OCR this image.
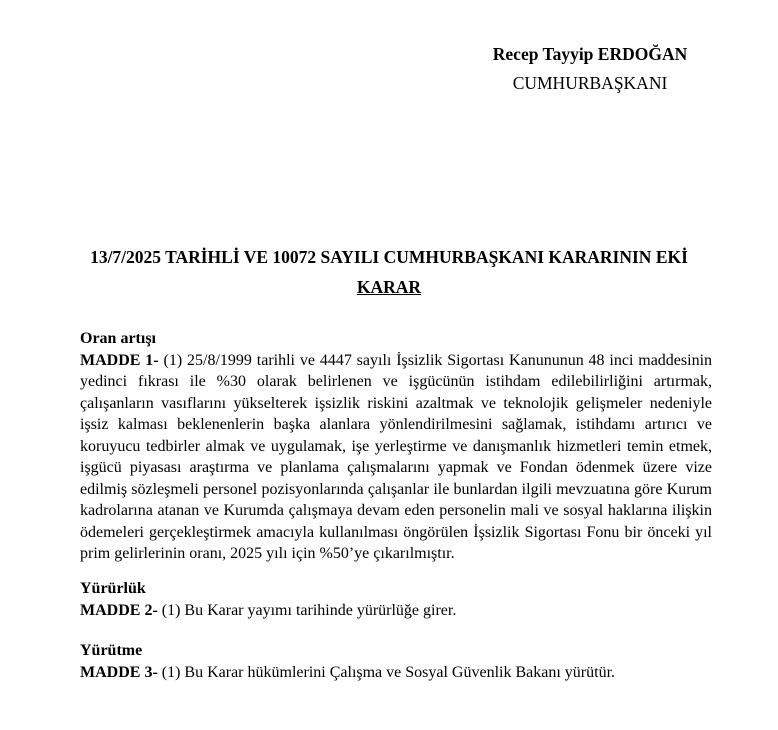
Recep Tayyip ERDOĞAN
CUMHURBAŞKANI
13/7/2025 TARİHLİ VE 10072 SAYILI CUMHURBAŞKANI KARARININ EKİ
KARAR
Oran artışı
MADDE 1- (1) 25/8/1999 tarihli ve 4447 sayılı İşsizlik Sigortası Kanununun 48 inci maddesinin yedinci fıkrası ile %30 olarak belirlenen ve işgücünün istihdam edilebilirliğini artırmak, çalışanların vasıflarını yükselterek işsizlik riskini azaltmak ve teknolojik gelişmeler nedeniyle işsiz kalması beklenenlerin başka alanlara yönlendirilmesini sağlamak, istihdamı artırıcı ve koruyucu tedbirler almak ve uygulamak, işe yerleştirme ve danışmanlık hizmetleri temin etmek, işgücü piyasası araştırma ve planlama çalışmalarını yapmak ve Fondan ödenmek üzere vize edilmiş sözleşmeli personel pozisyonlarında çalışanlar ile bunlardan ilgili mevzuatına göre Kurum kadrolarına atanan ve Kurumda çalışmaya devam eden personelin mali ve sosyal haklarına ilişkin ödemeleri gerçekleştirmek amacıyla kullanılması öngörülen İşsizlik Sigortası Fonu bir önceki yıl prim gelirlerinin oranı, 2025 yılı için %50’ye çıkarılmıştır.
Yürürlük
MADDE 2- (1) Bu Karar yayımı tarihinde yürürlüğe girer.
Yürütme
MADDE 3- (1) Bu Karar hükümlerini Çalışma ve Sosyal Güvenlik Bakanı yürütür.
